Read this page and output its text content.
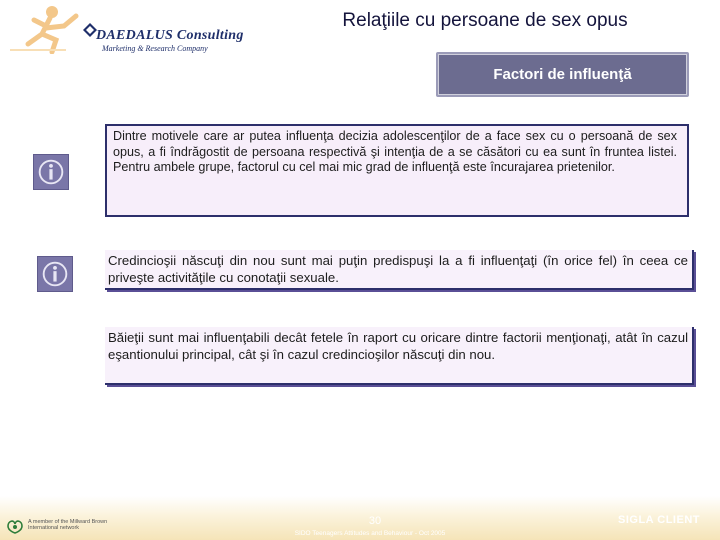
DAEDALUS Consulting
Marketing & Research Company
Relaţiile cu persoane de sex opus
Factori de influenţă
Dintre motivele care ar putea influenţa decizia adolescenţilor de a face sex cu o persoană de sex opus, a fi îndrăgostit de persoana respectivă şi intenţia de a se căsători cu ea sunt în fruntea listei. Pentru ambele grupe, factorul cu cel mai mic grad de influenţă este încurajarea prietenilor.
Credincioşii născuţi din nou sunt mai puţin predispuşi la a fi influenţaţi (în orice fel) în ceea ce priveşte activităţile cu conotaţii sexuale.
Băieţii sunt mai influenţabili decât fetele în raport cu oricare dintre factorii menţionaţi, atât în cazul eşantionului principal, cât şi în cazul credincioşilor născuţi din nou.
A member of the Millward Brown International network
30
SIDO Teenagers Attitudes and Behaviour - Oct 2005
SIGLA CLIENT
